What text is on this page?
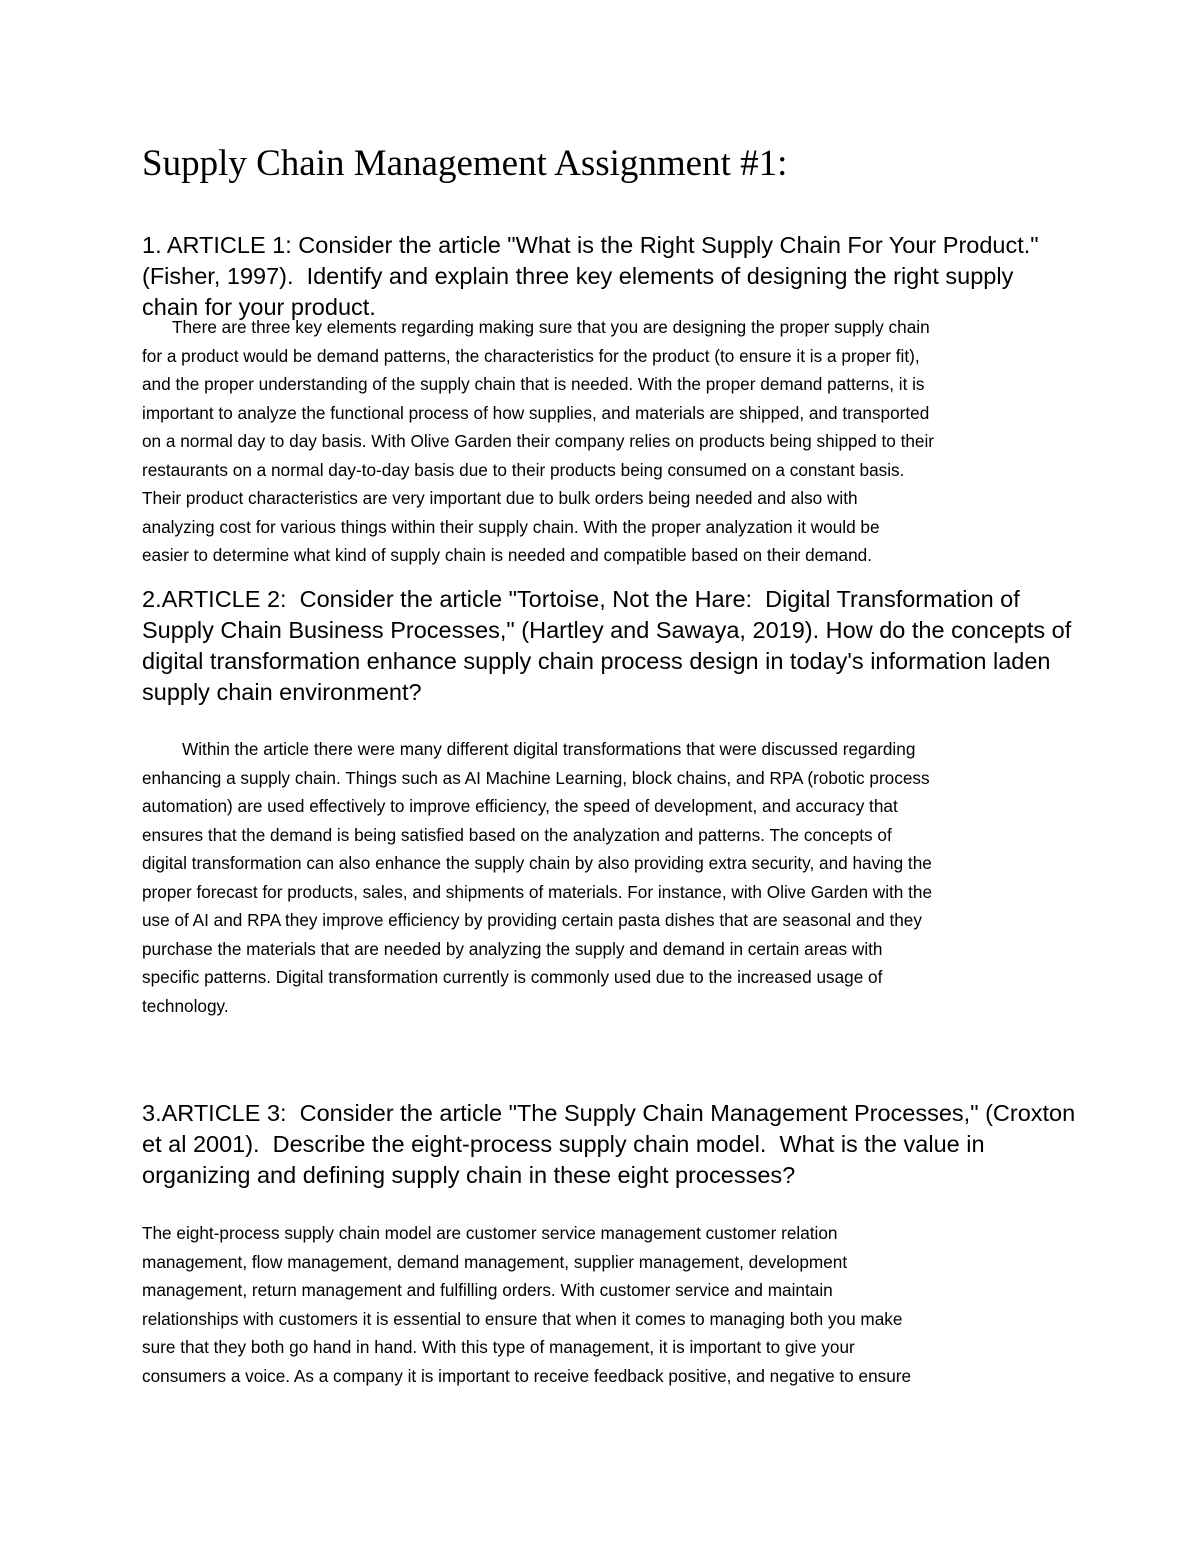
Supply Chain Management Assignment #1:
1. ARTICLE 1: Consider the article "What is the Right Supply Chain For Your Product."
(Fisher, 1997).  Identify and explain three key elements of designing the right supply
chain for your product.
There are three key elements regarding making sure that you are designing the proper supply chain
for a product would be demand patterns, the characteristics for the product (to ensure it is a proper fit),
and the proper understanding of the supply chain that is needed. With the proper demand patterns, it is
important to analyze the functional process of how supplies, and materials are shipped, and transported
on a normal day to day basis. With Olive Garden their company relies on products being shipped to their
restaurants on a normal day-to-day basis due to their products being consumed on a constant basis.
Their product characteristics are very important due to bulk orders being needed and also with
analyzing cost for various things within their supply chain. With the proper analyzation it would be
easier to determine what kind of supply chain is needed and compatible based on their demand.
2.ARTICLE 2:  Consider the article "Tortoise, Not the Hare:  Digital Transformation of
Supply Chain Business Processes," (Hartley and Sawaya, 2019). How do the concepts of
digital transformation enhance supply chain process design in today's information laden
supply chain environment?
Within the article there were many different digital transformations that were discussed regarding
enhancing a supply chain. Things such as AI Machine Learning, block chains, and RPA (robotic process
automation) are used effectively to improve efficiency, the speed of development, and accuracy that
ensures that the demand is being satisfied based on the analyzation and patterns. The concepts of
digital transformation can also enhance the supply chain by also providing extra security, and having the
proper forecast for products, sales, and shipments of materials. For instance, with Olive Garden with the
use of AI and RPA they improve efficiency by providing certain pasta dishes that are seasonal and they
purchase the materials that are needed by analyzing the supply and demand in certain areas with
specific patterns. Digital transformation currently is commonly used due to the increased usage of
technology.
3.ARTICLE 3:  Consider the article "The Supply Chain Management Processes," (Croxton
et al 2001).  Describe the eight-process supply chain model.  What is the value in
organizing and defining supply chain in these eight processes?
The eight-process supply chain model are customer service management customer relation
management, flow management, demand management, supplier management, development
management, return management and fulfilling orders. With customer service and maintain
relationships with customers it is essential to ensure that when it comes to managing both you make
sure that they both go hand in hand. With this type of management, it is important to give your
consumers a voice. As a company it is important to receive feedback positive, and negative to ensure
